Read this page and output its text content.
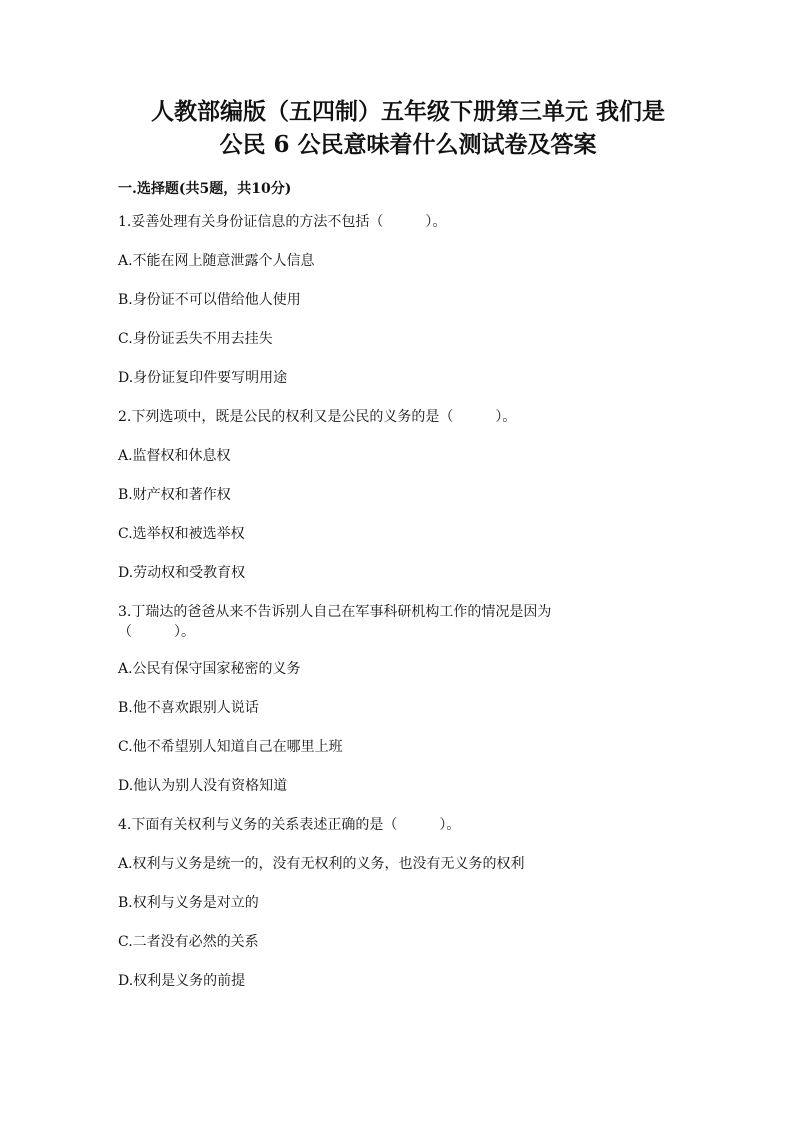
人教部编版（五四制）五年级下册第三单元 我们是
公民 6 公民意味着什么测试卷及答案
一.选择题(共5题，共10分)
1.妥善处理有关身份证信息的方法不包括（　　　）。
A.不能在网上随意泄露个人信息
B.身份证不可以借给他人使用
C.身份证丢失不用去挂失
D.身份证复印件要写明用途
2.下列选项中，既是公民的权利又是公民的义务的是（　　　）。
A.监督权和休息权
B.财产权和著作权
C.选举权和被选举权
D.劳动权和受教育权
3.丁瑞达的爸爸从来不告诉别人自己在军事科研机构工作的情况是因为
（　　　）。
A.公民有保守国家秘密的义务
B.他不喜欢跟别人说话
C.他不希望别人知道自己在哪里上班
D.他认为别人没有资格知道
4.下面有关权利与义务的关系表述正确的是（　　　）。
A.权利与义务是统一的，没有无权利的义务，也没有无义务的权利
B.权利与义务是对立的
C.二者没有必然的关系
D.权利是义务的前提
